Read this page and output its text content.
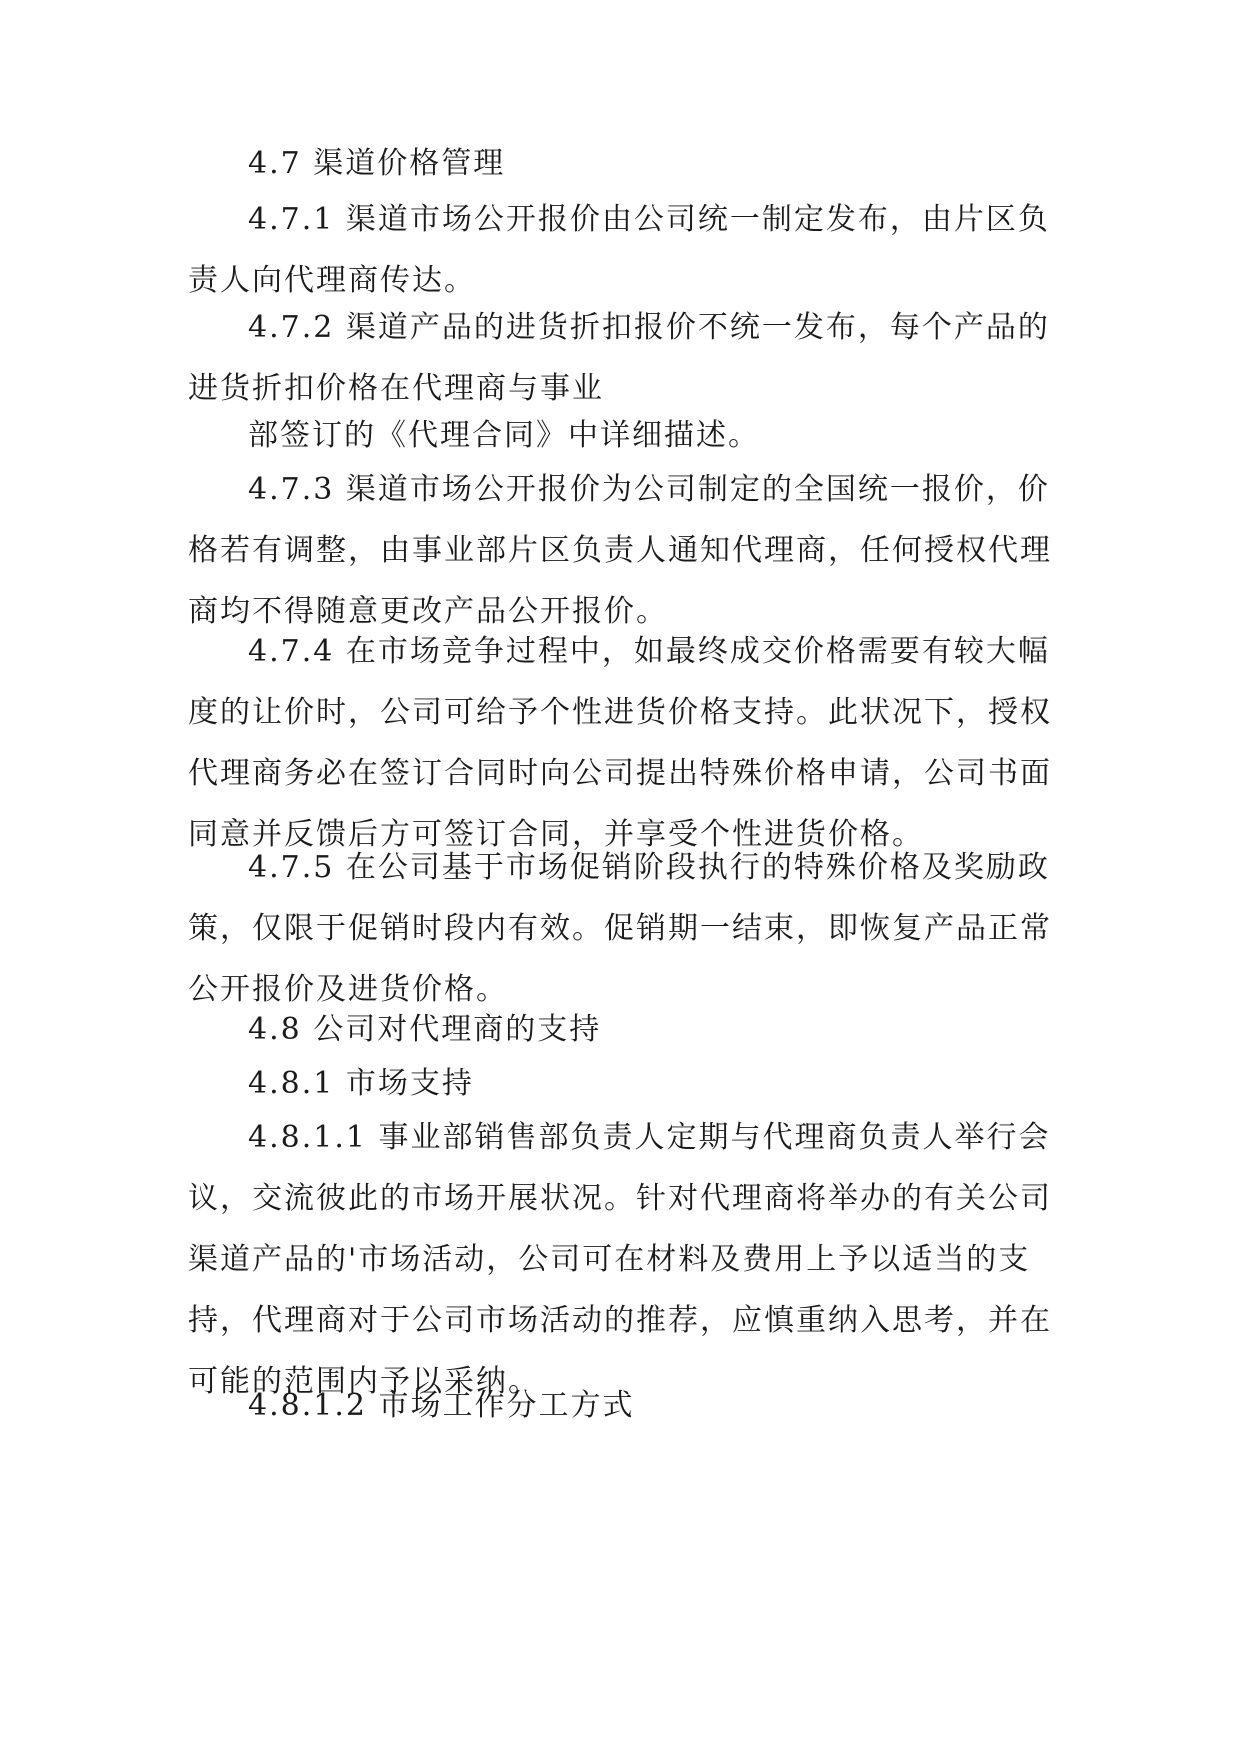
4.7 渠道价格管理

4.7.1 渠道市场公开报价由公司统一制定发布，由片区负责人向代理商传达。

4.7.2 渠道产品的进货折扣报价不统一发布，每个产品的进货折扣价格在代理商与事业

部签订的《代理合同》中详细描述。

4.7.3 渠道市场公开报价为公司制定的全国统一报价，价格若有调整，由事业部片区负责人通知代理商，任何授权代理商均不得随意更改产品公开报价。

4.7.4 在市场竞争过程中，如最终成交价格需要有较大幅度的让价时，公司可给予个性进货价格支持。此状况下，授权代理商务必在签订合同时向公司提出特殊价格申请，公司书面同意并反馈后方可签订合同，并享受个性进货价格。

4.7.5 在公司基于市场促销阶段执行的特殊价格及奖励政策，仅限于促销时段内有效。促销期一结束，即恢复产品正常公开报价及进货价格。

4.8 公司对代理商的支持

4.8.1 市场支持

4.8.1.1 事业部销售部负责人定期与代理商负责人举行会议，交流彼此的市场开展状况。针对代理商将举办的有关公司渠道产品的'市场活动，公司可在材料及费用上予以适当的支持，代理商对于公司市场活动的推荐，应慎重纳入思考，并在可能的范围内予以采纳。

4.8.1.2 市场工作分工方式
